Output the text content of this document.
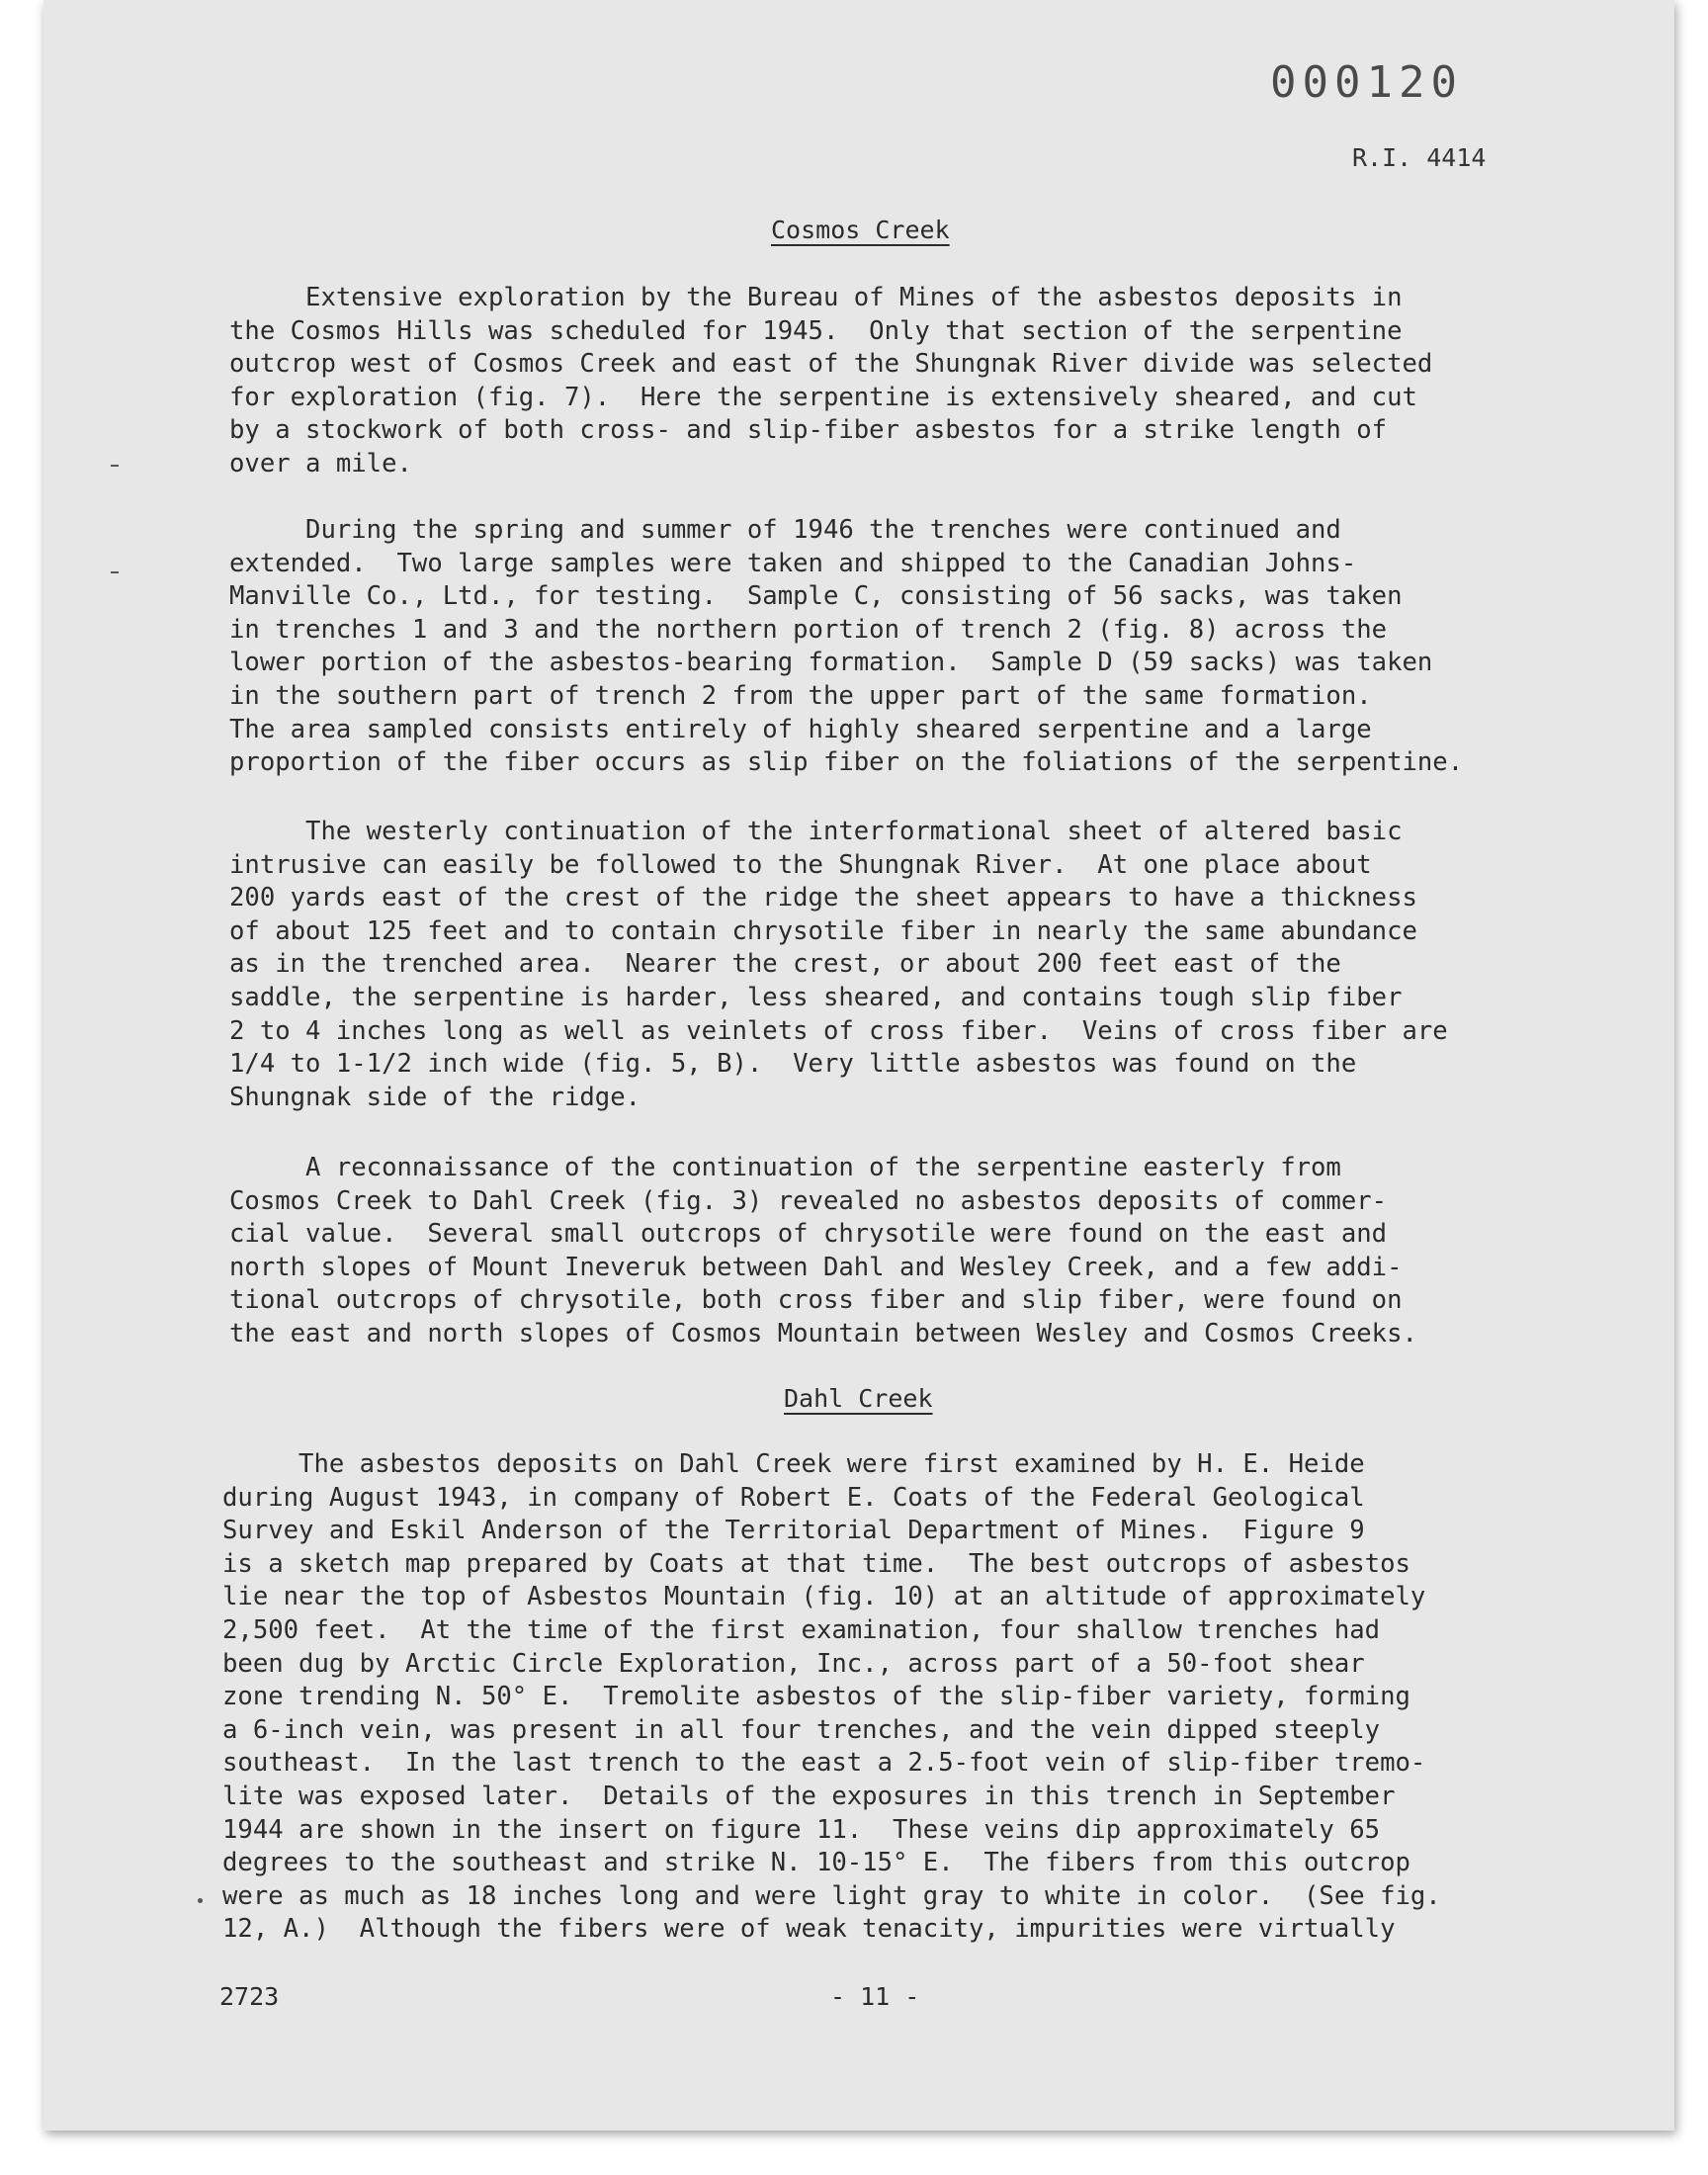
000120
R.I. 4414
Cosmos Creek

Extensive exploration by the Bureau of Mines of the asbestos deposits in
the Cosmos Hills was scheduled for 1945.  Only that section of the serpentine
outcrop west of Cosmos Creek and east of the Shungnak River divide was selected
for exploration (fig. 7).  Here the serpentine is extensively sheared, and cut
by a stockwork of both cross- and slip-fiber asbestos for a strike length of
over a mile.

During the spring and summer of 1946 the trenches were continued and
extended.  Two large samples were taken and shipped to the Canadian Johns-
Manville Co., Ltd., for testing.  Sample C, consisting of 56 sacks, was taken
in trenches 1 and 3 and the northern portion of trench 2 (fig. 8) across the
lower portion of the asbestos-bearing formation.  Sample D (59 sacks) was taken
in the southern part of trench 2 from the upper part of the same formation.
The area sampled consists entirely of highly sheared serpentine and a large
proportion of the fiber occurs as slip fiber on the foliations of the serpentine.

The westerly continuation of the interformational sheet of altered basic
intrusive can easily be followed to the Shungnak River.  At one place about
200 yards east of the crest of the ridge the sheet appears to have a thickness
of about 125 feet and to contain chrysotile fiber in nearly the same abundance
as in the trenched area.  Nearer the crest, or about 200 feet east of the
saddle, the serpentine is harder, less sheared, and contains tough slip fiber
2 to 4 inches long as well as veinlets of cross fiber.  Veins of cross fiber are
1/4 to 1-1/2 inch wide (fig. 5, B).  Very little asbestos was found on the
Shungnak side of the ridge.

A reconnaissance of the continuation of the serpentine easterly from
Cosmos Creek to Dahl Creek (fig. 3) revealed no asbestos deposits of commer-
cial value.  Several small outcrops of chrysotile were found on the east and
north slopes of Mount Ineveruk between Dahl and Wesley Creek, and a few addi-
tional outcrops of chrysotile, both cross fiber and slip fiber, were found on
the east and north slopes of Cosmos Mountain between Wesley and Cosmos Creeks.

Dahl Creek

The asbestos deposits on Dahl Creek were first examined by H. E. Heide
during August 1943, in company of Robert E. Coats of the Federal Geological
Survey and Eskil Anderson of the Territorial Department of Mines.  Figure 9
is a sketch map prepared by Coats at that time.  The best outcrops of asbestos
lie near the top of Asbestos Mountain (fig. 10) at an altitude of approximately
2,500 feet.  At the time of the first examination, four shallow trenches had
been dug by Arctic Circle Exploration, Inc., across part of a 50-foot shear
zone trending N. 50° E.  Tremolite asbestos of the slip-fiber variety, forming
a 6-inch vein, was present in all four trenches, and the vein dipped steeply
southeast.  In the last trench to the east a 2.5-foot vein of slip-fiber tremo-
lite was exposed later.  Details of the exposures in this trench in September
1944 are shown in the insert on figure 11.  These veins dip approximately 65
degrees to the southeast and strike N. 10-15° E.  The fibers from this outcrop
were as much as 18 inches long and were light gray to white in color.  (See fig.
12, A.)  Although the fibers were of weak tenacity, impurities were virtually

2723	- 11 -
